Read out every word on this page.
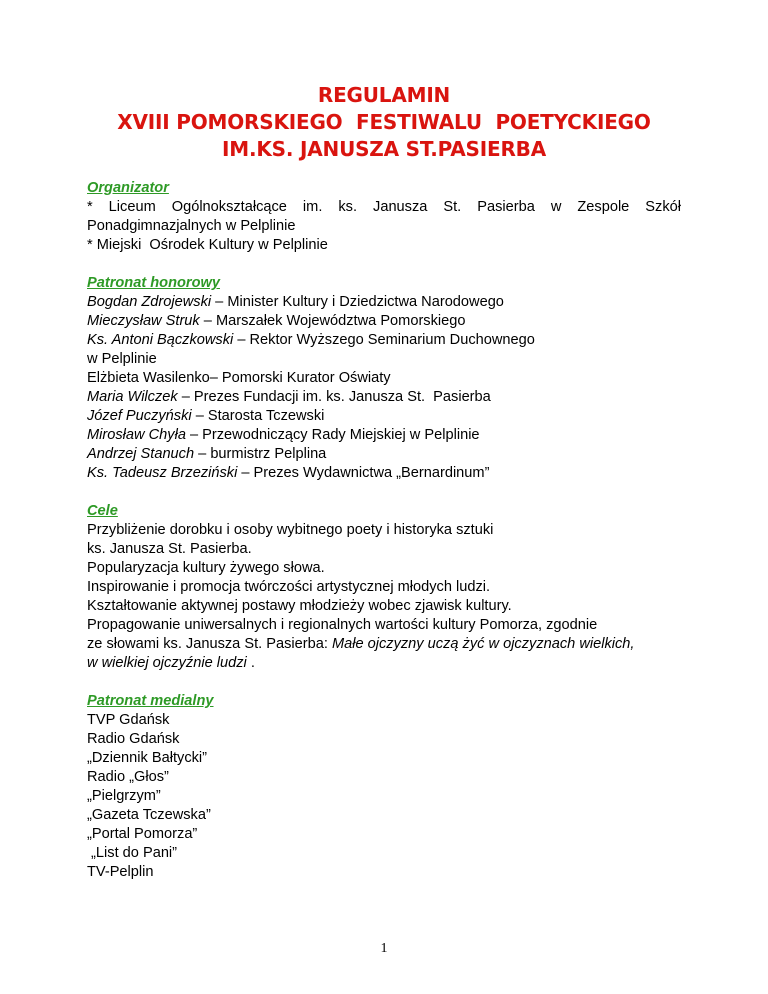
REGULAMIN
XVIII POMORSKIEGO  FESTIWALU  POETYCKIEGO
IM.KS. JANUSZA ST.PASIERBA
Organizator
* Liceum Ogólnokształcące im. ks. Janusza St. Pasierba w Zespole Szkół
Ponadgimnazjalnych w Pelplinie
* Miejski  Ośrodek Kultury w Pelplinie
Patronat honorowy
Bogdan Zdrojewski – Minister Kultury i Dziedzictwa Narodowego
Mieczysław Struk – Marszałek Województwa Pomorskiego
Ks. Antoni Bączkowski – Rektor Wyższego Seminarium Duchownego
w Pelplinie
Elżbieta Wasilenko– Pomorski Kurator Oświaty
Maria Wilczek – Prezes Fundacji im. ks. Janusza St.  Pasierba
Józef Puczyński – Starosta Tczewski
Mirosław Chyła – Przewodniczący Rady Miejskiej w Pelplinie
Andrzej Stanuch – burmistrz Pelplina
Ks. Tadeusz Brzeziński – Prezes Wydawnictwa „Bernardinum”
Cele
Przybliżenie dorobku i osoby wybitnego poety i historyka sztuki
ks. Janusza St. Pasierba.
Popularyzacja kultury żywego słowa.
Inspirowanie i promocja twórczości artystycznej młodych ludzi.
Kształtowanie aktywnej postawy młodzieży wobec zjawisk kultury.
Propagowanie uniwersalnych i regionalnych wartości kultury Pomorza, zgodnie
ze słowami ks. Janusza St. Pasierba: Małe ojczyzny uczą żyć w ojczyznach wielkich,
w wielkiej ojczyźnie ludzi .
Patronat medialny
TVP Gdańsk
Radio Gdańsk
„Dziennik Bałtycki”
Radio „Głos”
„Pielgrzym”
„Gazeta Tczewska”
„Portal Pomorza”
„List do Pani”
TV-Pelplin
1
